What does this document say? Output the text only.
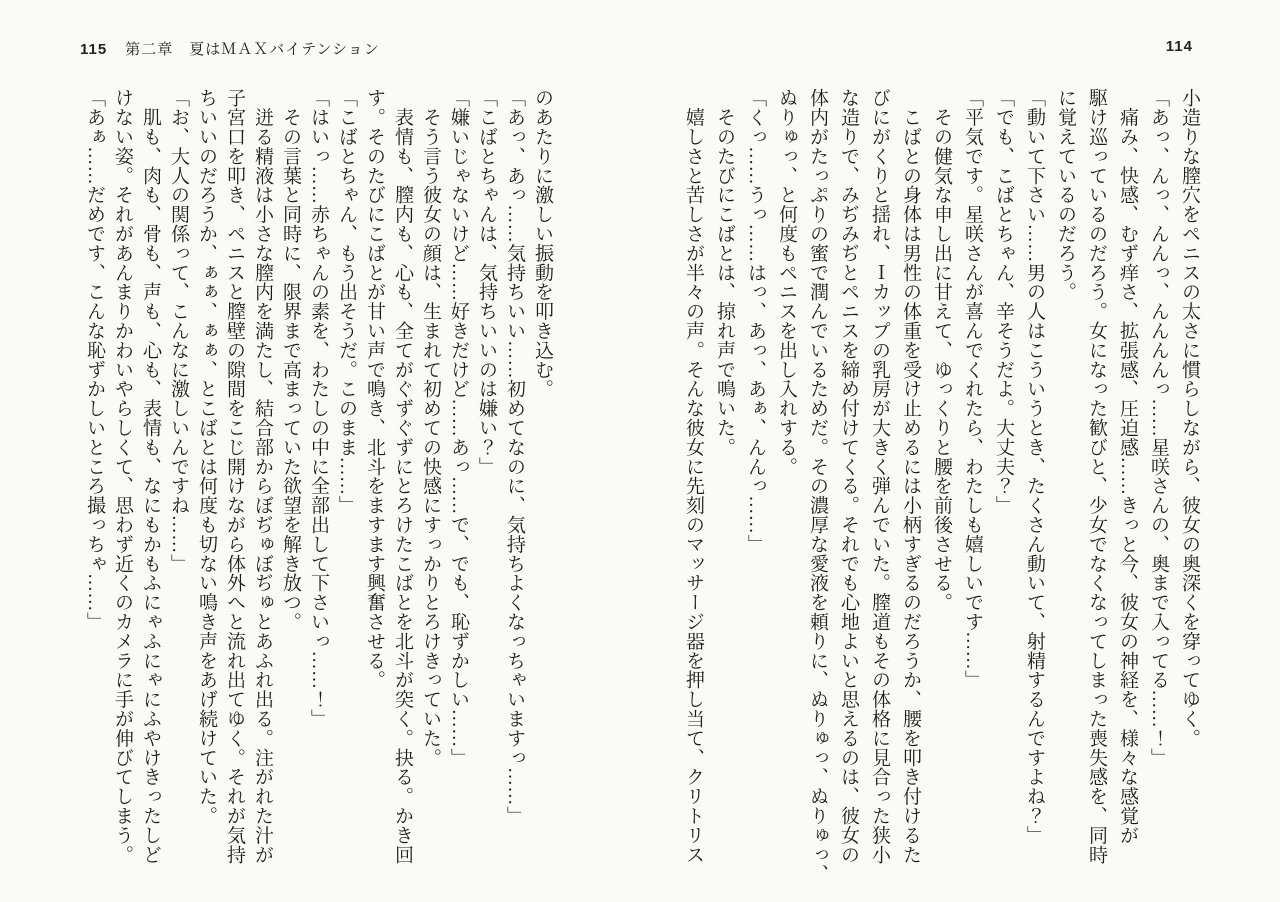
115 第二章 夏はＭＡＸバイテンション	114

小造りな膣穴をペニスの太さに慣らしながら、彼女の奥深くを穿ってゆく。

「あっ、んっ、んんっ、んんんんっ……星咲さんの、奥まで入ってる……！」

　痛み、快感、むず痒さ、拡張感、圧迫感……きっと今、彼女の神経を、様々な感覚が

駆け巡っているのだろう。女になった歓びと、少女でなくなってしまった喪失感を、同時

に覚えているのだろう。

「動いて下さい……男の人はこういうとき、たくさん動いて、射精するんですよね？」

「でも、こばとちゃん、辛そうだよ。大丈夫？」

「平気です。星咲さんが喜んでくれたら、わたしも嬉しいです……」

　その健気な申し出に甘えて、ゆっくりと腰を前後させる。

　こばとの身体は男性の体重を受け止めるには小柄すぎるのだろうか、腰を叩き付けるた

びにがくりと揺れ、Ｉカップの乳房が大きく弾んでいた。膣道もその体格に見合った狭小

な造りで、みぢみぢとペニスを締め付けてくる。それでも心地よいと思えるのは、彼女の

体内がたっぷりの蜜で潤んでいるためだ。その濃厚な愛液を頼りに、ぬりゅっ、ぬりゅっ、

ぬりゅっ、と何度もペニスを出し入れする。

「くっ……うっ……はっ、あっ、あぁ、んんっ……」

　そのたびにこばとは、掠れ声で鳴いた。

　嬉しさと苦しさが半々の声。そんな彼女に先刻のマッサージ器を押し当て、クリトリス

のあたりに激しい振動を叩き込む。

「あっ、あっ……気持ちいい……初めてなのに、気持ちよくなっちゃいますっ……」

「こばとちゃんは、気持ちいいのは嫌い？」

「嫌いじゃないけど……好きだけど……あっ……で、でも、恥ずかしい……」

　そう言う彼女の顔は、生まれて初めての快感にすっかりとろけきっていた。

　表情も、膣内も、心も、全てがぐずぐずにとろけたこばとを北斗が突く。抉る。かき回

す。そのたびにこばとが甘い声で鳴き、北斗をますます興奮させる。

「こばとちゃん、もう出そうだ。このまま……」

「はいっ……赤ちゃんの素を、わたしの中に全部出して下さいっ……！」

　その言葉と同時に、限界まで高まっていた欲望を解き放つ。

　迸る精液は小さな膣内を満たし、結合部からぼぢゅぼぢゅとあふれ出る。注がれた汁が

子宮口を叩き、ペニスと膣壁の隙間をこじ開けながら体外へと流れ出てゆく。それが気持

ちいいのだろうか、ぁぁ、ぁぁ、とこばとは何度も切ない鳴き声をあげ続けていた。

「お、大人の関係って、こんなに激しいんですね……」

　肌も、肉も、骨も、声も、心も、表情も、なにもかもふにゃふにゃにふやけきったしど

けない姿。それがあんまりかわいやらしくて、思わず近くのカメラに手が伸びてしまう。

「あぁ……だめです、こんな恥ずかしいところ撮っちゃ……」
